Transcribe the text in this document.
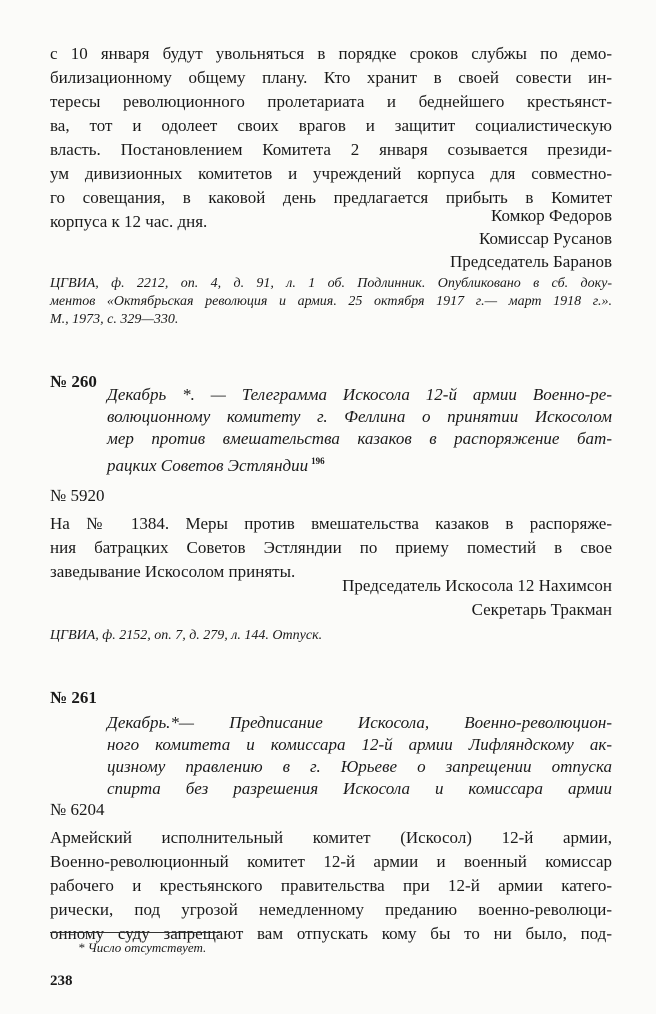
с 10 января будут увольняться в порядке сроков слубжы по демо-
билизационному общему плану. Кто хранит в своей совести ин-
тересы революционного пролетариата и беднейшего крестьянст-
ва, тот и одолеет своих врагов и защитит социалистическую
власть. Постановлением Комитета 2 января созывается президи-
ум дивизионных комитетов и учреждений корпуса для совместно-
го совещания, в каковой день предлагается прибыть в Комитет
корпуса к 12 час. дня.	Комкор Федоров
Комиссар Русанов
Председатель Баранов
ЦГВИА, ф. 2212, оп. 4, д. 91, л. 1 об. Подлинник. Опубликовано в сб. доку-
ментов «Октябрьская революция и армия. 25 октября 1917 г.— март 1918 г.».
М., 1973, с. 329—330.
№ 260
Декабрь *. — Телеграмма Искосола 12-й армии Военно-ре-
волюционному комитету г. Феллина о принятии Искосолом
мер против вмешательства казаков в распоряжение бат-
рацких Советов Эстляндии $^{196}$
№ 5920
На № 1384. Меры против вмешательства казаков в распоряже-
ния батрацких Советов Эстляндии по приему поместий в свое
заведывание Искосолом приняты.
Председатель Искосола 12 Нахимсон
Секретарь Тракман
ЦГВИА, ф. 2152, оп. 7, д. 279, л. 144. Отпуск.
№ 261
Декабрь.*— Предписание Искосола, Военно-революцион-
ного комитета и комиссара 12-й армии Лифляндскому ак-
цизному правлению в г. Юрьеве о запрещении отпуска
спирта без разрешения Искосола и комиссара армии
№ 6204
Армейский исполнительный комитет (Искосол) 12-й армии,
Военно-революционный комитет 12-й армии и военный комиссар
рабочего и крестьянского правительства при 12-й армии катего-
рически, под угрозой немедленному преданию военно-революци-
онному суду запрещают вам отпускать кому бы то ни было, под-
* Число отсутствует.
238
